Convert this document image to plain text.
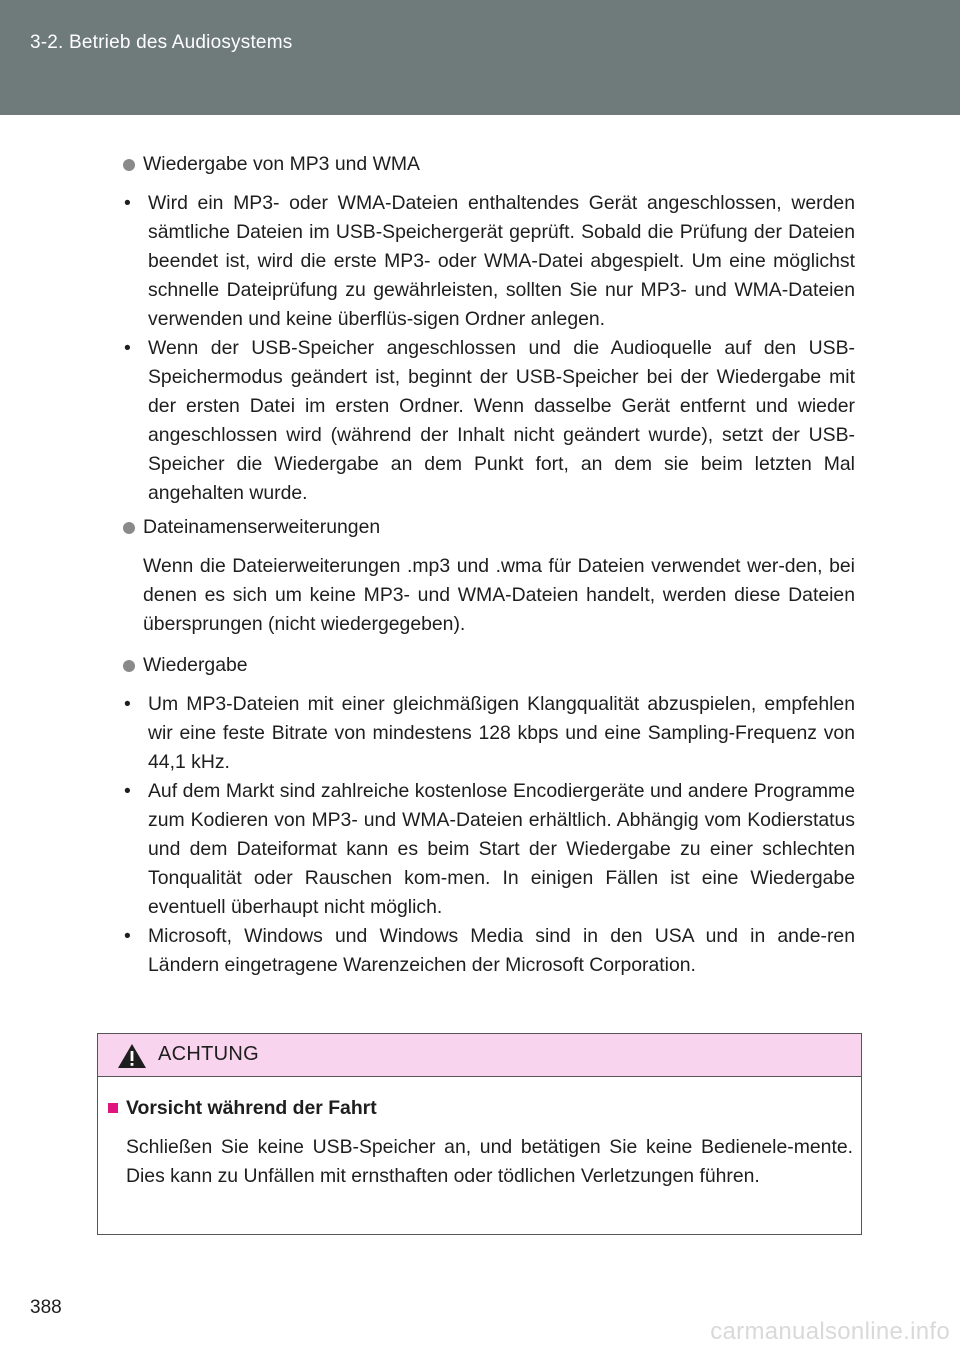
3-2. Betrieb des Audiosystems
Wiedergabe von MP3 und WMA
• Wird ein MP3- oder WMA-Dateien enthaltendes Gerät angeschlossen, werden sämtliche Dateien im USB-Speichergerät geprüft. Sobald die Prüfung der Dateien beendet ist, wird die erste MP3- oder WMA-Datei abgespielt. Um eine möglichst schnelle Dateiprüfung zu gewährleisten, sollten Sie nur MP3- und WMA-Dateien verwenden und keine überflüs-sigen Ordner anlegen.
• Wenn der USB-Speicher angeschlossen und die Audioquelle auf den USB-Speichermodus geändert ist, beginnt der USB-Speicher bei der Wiedergabe mit der ersten Datei im ersten Ordner. Wenn dasselbe Gerät entfernt und wieder angeschlossen wird (während der Inhalt nicht geändert wurde), setzt der USB-Speicher die Wiedergabe an dem Punkt fort, an dem sie beim letzten Mal angehalten wurde.
Dateinamenserweiterungen

Wenn die Dateierweiterungen .mp3 und .wma für Dateien verwendet wer-den, bei denen es sich um keine MP3- und WMA-Dateien handelt, werden diese Dateien übersprungen (nicht wiedergegeben).

Wiedergabe
• Um MP3-Dateien mit einer gleichmäßigen Klangqualität abzuspielen, empfehlen wir eine feste Bitrate von mindestens 128 kbps und eine Sampling-Frequenz von 44,1 kHz.
• Auf dem Markt sind zahlreiche kostenlose Encodiergeräte und andere Programme zum Kodieren von MP3- und WMA-Dateien erhältlich. Abhängig vom Kodierstatus und dem Dateiformat kann es beim Start der Wiedergabe zu einer schlechten Tonqualität oder Rauschen kom-men. In einigen Fällen ist eine Wiedergabe eventuell überhaupt nicht möglich.
• Microsoft, Windows und Windows Media sind in den USA und in ande-ren Ländern eingetragene Warenzeichen der Microsoft Corporation.
ACHTUNG
Vorsicht während der Fahrt
Schließen Sie keine USB-Speicher an, und betätigen Sie keine Bedienele-mente. Dies kann zu Unfällen mit ernsthaften oder tödlichen Verletzungen führen.
388
carmanualsonline.info
